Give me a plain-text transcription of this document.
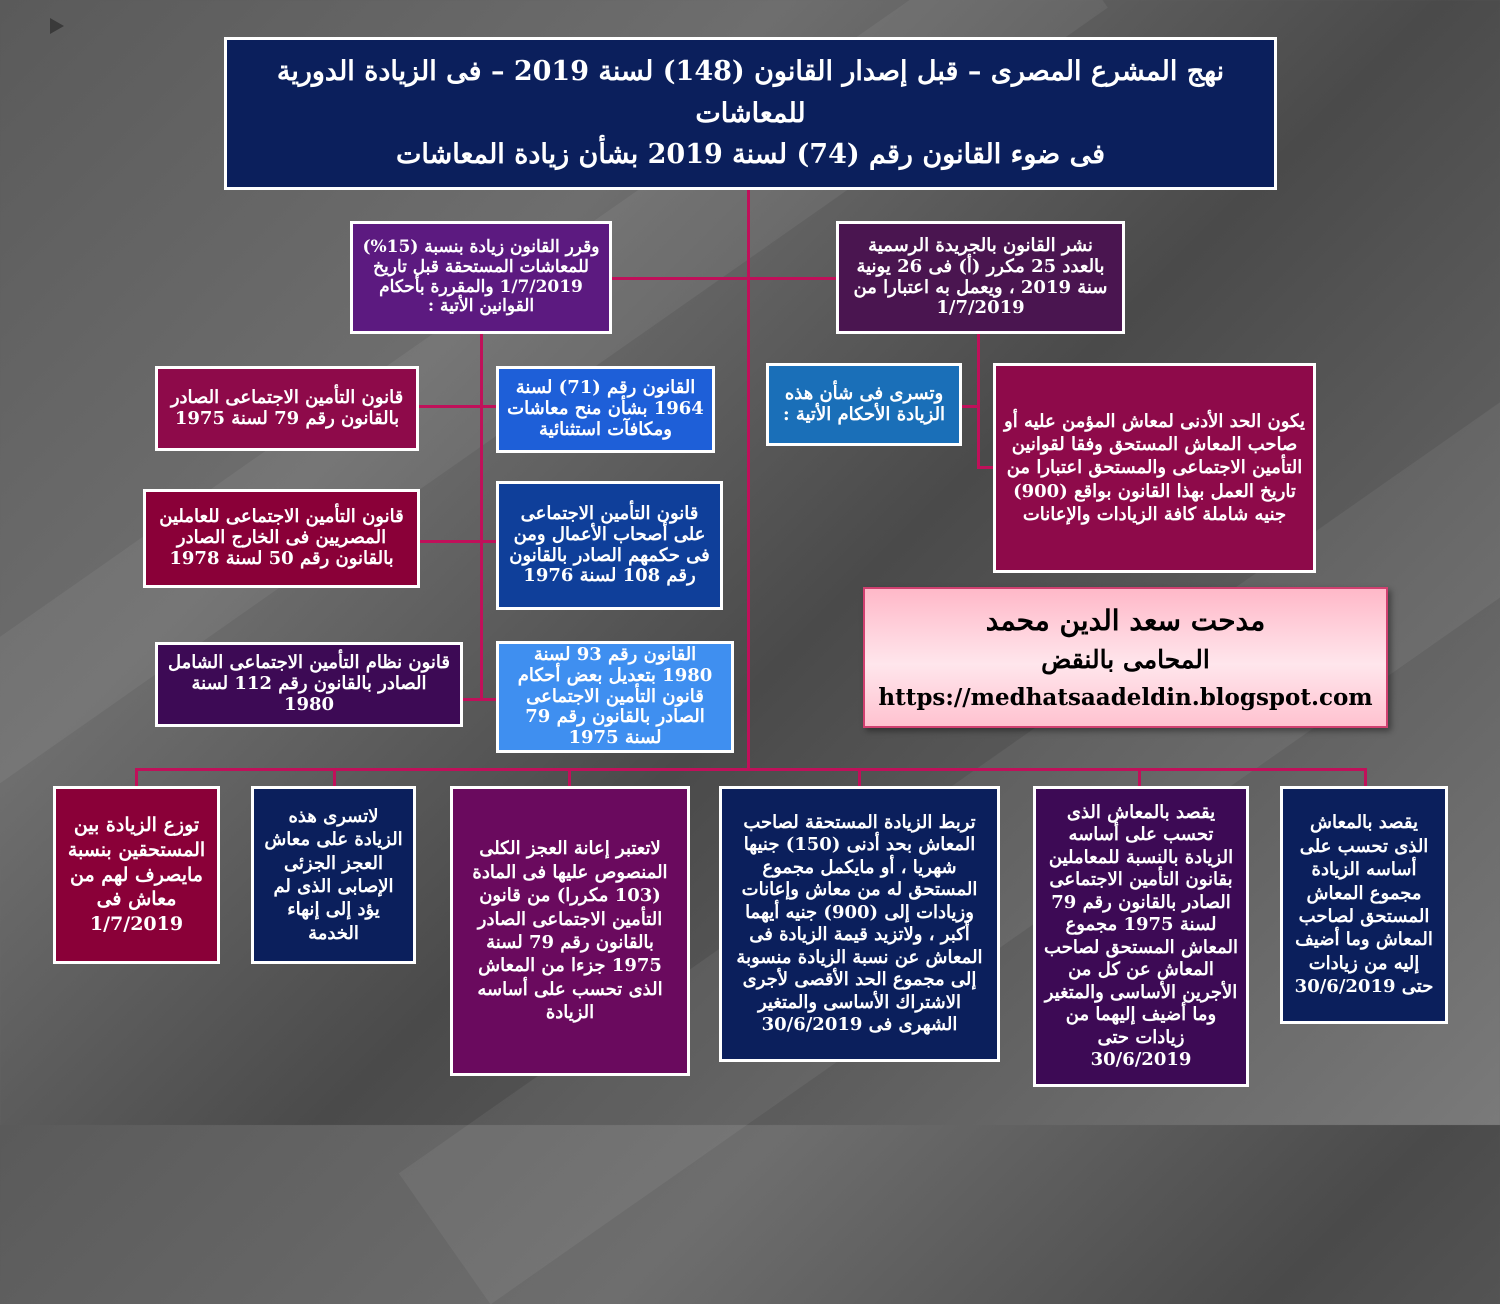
نهج المشرع المصرى – قبل إصدار القانون (148) لسنة 2019 – فى الزيادة الدورية للمعاشات
فى ضوء القانون رقم (74) لسنة 2019 بشأن زيادة المعاشات
وقرر القانون زيادة بنسبة (15%) للمعاشات المستحقة قبل تاريخ 1/7/2019 والمقررة بأحكام القوانين الأتية :
نشر القانون بالجريدة الرسمية بالعدد 25 مكرر (أ) فى 26 يونية سنة 2019 ، ويعمل به اعتبارا من 1/7/2019
القانون رقم (71) لسنة 1964 بشأن منح معاشات ومكافآت استثنائية
قانون التأمين الاجتماعى الصادر بالقانون رقم 79 لسنة 1975
قانون التأمين الاجتماعى على أصحاب الأعمال ومن فى حكمهم الصادر بالقانون رقم 108 لسنة 1976
قانون التأمين الاجتماعى للعاملين المصريين فى الخارج الصادر بالقانون رقم 50 لسنة 1978
القانون رقم 93 لسنة 1980 بتعديل بعض أحكام قانون التأمين الاجتماعى الصادر بالقانون رقم 79 لسنة 1975
قانون نظام التأمين الاجتماعى الشامل الصادر بالقانون رقم 112 لسنة 1980
وتسرى فى شأن هذه الزيادة الأحكام الأتية :	يكون الحد الأدنى لمعاش المؤمن عليه أو صاحب المعاش المستحق وفقا لقوانين التأمين الاجتماعى والمستحق اعتبارا من تاريخ العمل بهذا القانون بواقع (900) جنيه شاملة كافة الزيادات والإعانات
مدحت سعد الدين محمد
المحامى بالنقض
https://medhatsaadeldin.blogspot.com
يقصد بالمعاش الذى تحسب على أساسه الزيادة مجموع المعاش المستحق لصاحب المعاش وما أضيف إليه من زيادات حتى 30/6/2019
يقصد بالمعاش الذى تحسب على أساسه الزيادة بالنسبة للمعاملين بقانون التأمين الاجتماعى الصادر بالقانون رقم 79 لسنة 1975 مجموع المعاش المستحق لصاحب المعاش عن كل من الأجرين الأساسى والمتغير وما أضيف إليهما من زيادات حتى 30/6/2019
تربط الزيادة المستحقة لصاحب المعاش بحد أدنى (150) جنيها شهريا ، أو مايكمل مجموع المستحق له من معاش وإعانات وزيادات إلى (900) جنيه أيهما أكبر ، ولاتزيد قيمة الزيادة فى المعاش عن نسبة الزيادة منسوبة إلى مجموع الحد الأقصى لأجرى الاشتراك الأساسى والمتغير الشهرى فى 30/6/2019
لاتعتبر إعانة العجز الكلى المنصوص عليها فى المادة (103 مكررا) من قانون التأمين الاجتماعى الصادر بالقانون رقم 79 لسنة 1975 جزءا من المعاش الذى تحسب على أساسه الزيادة
لاتسرى هذه الزيادة على معاش العجز الجزئى الإصابى الذى لم يؤد إلى إنهاء الخدمة
توزع الزيادة بين المستحقين بنسبة مايصرف لهم من معاش فى 1/7/2019
